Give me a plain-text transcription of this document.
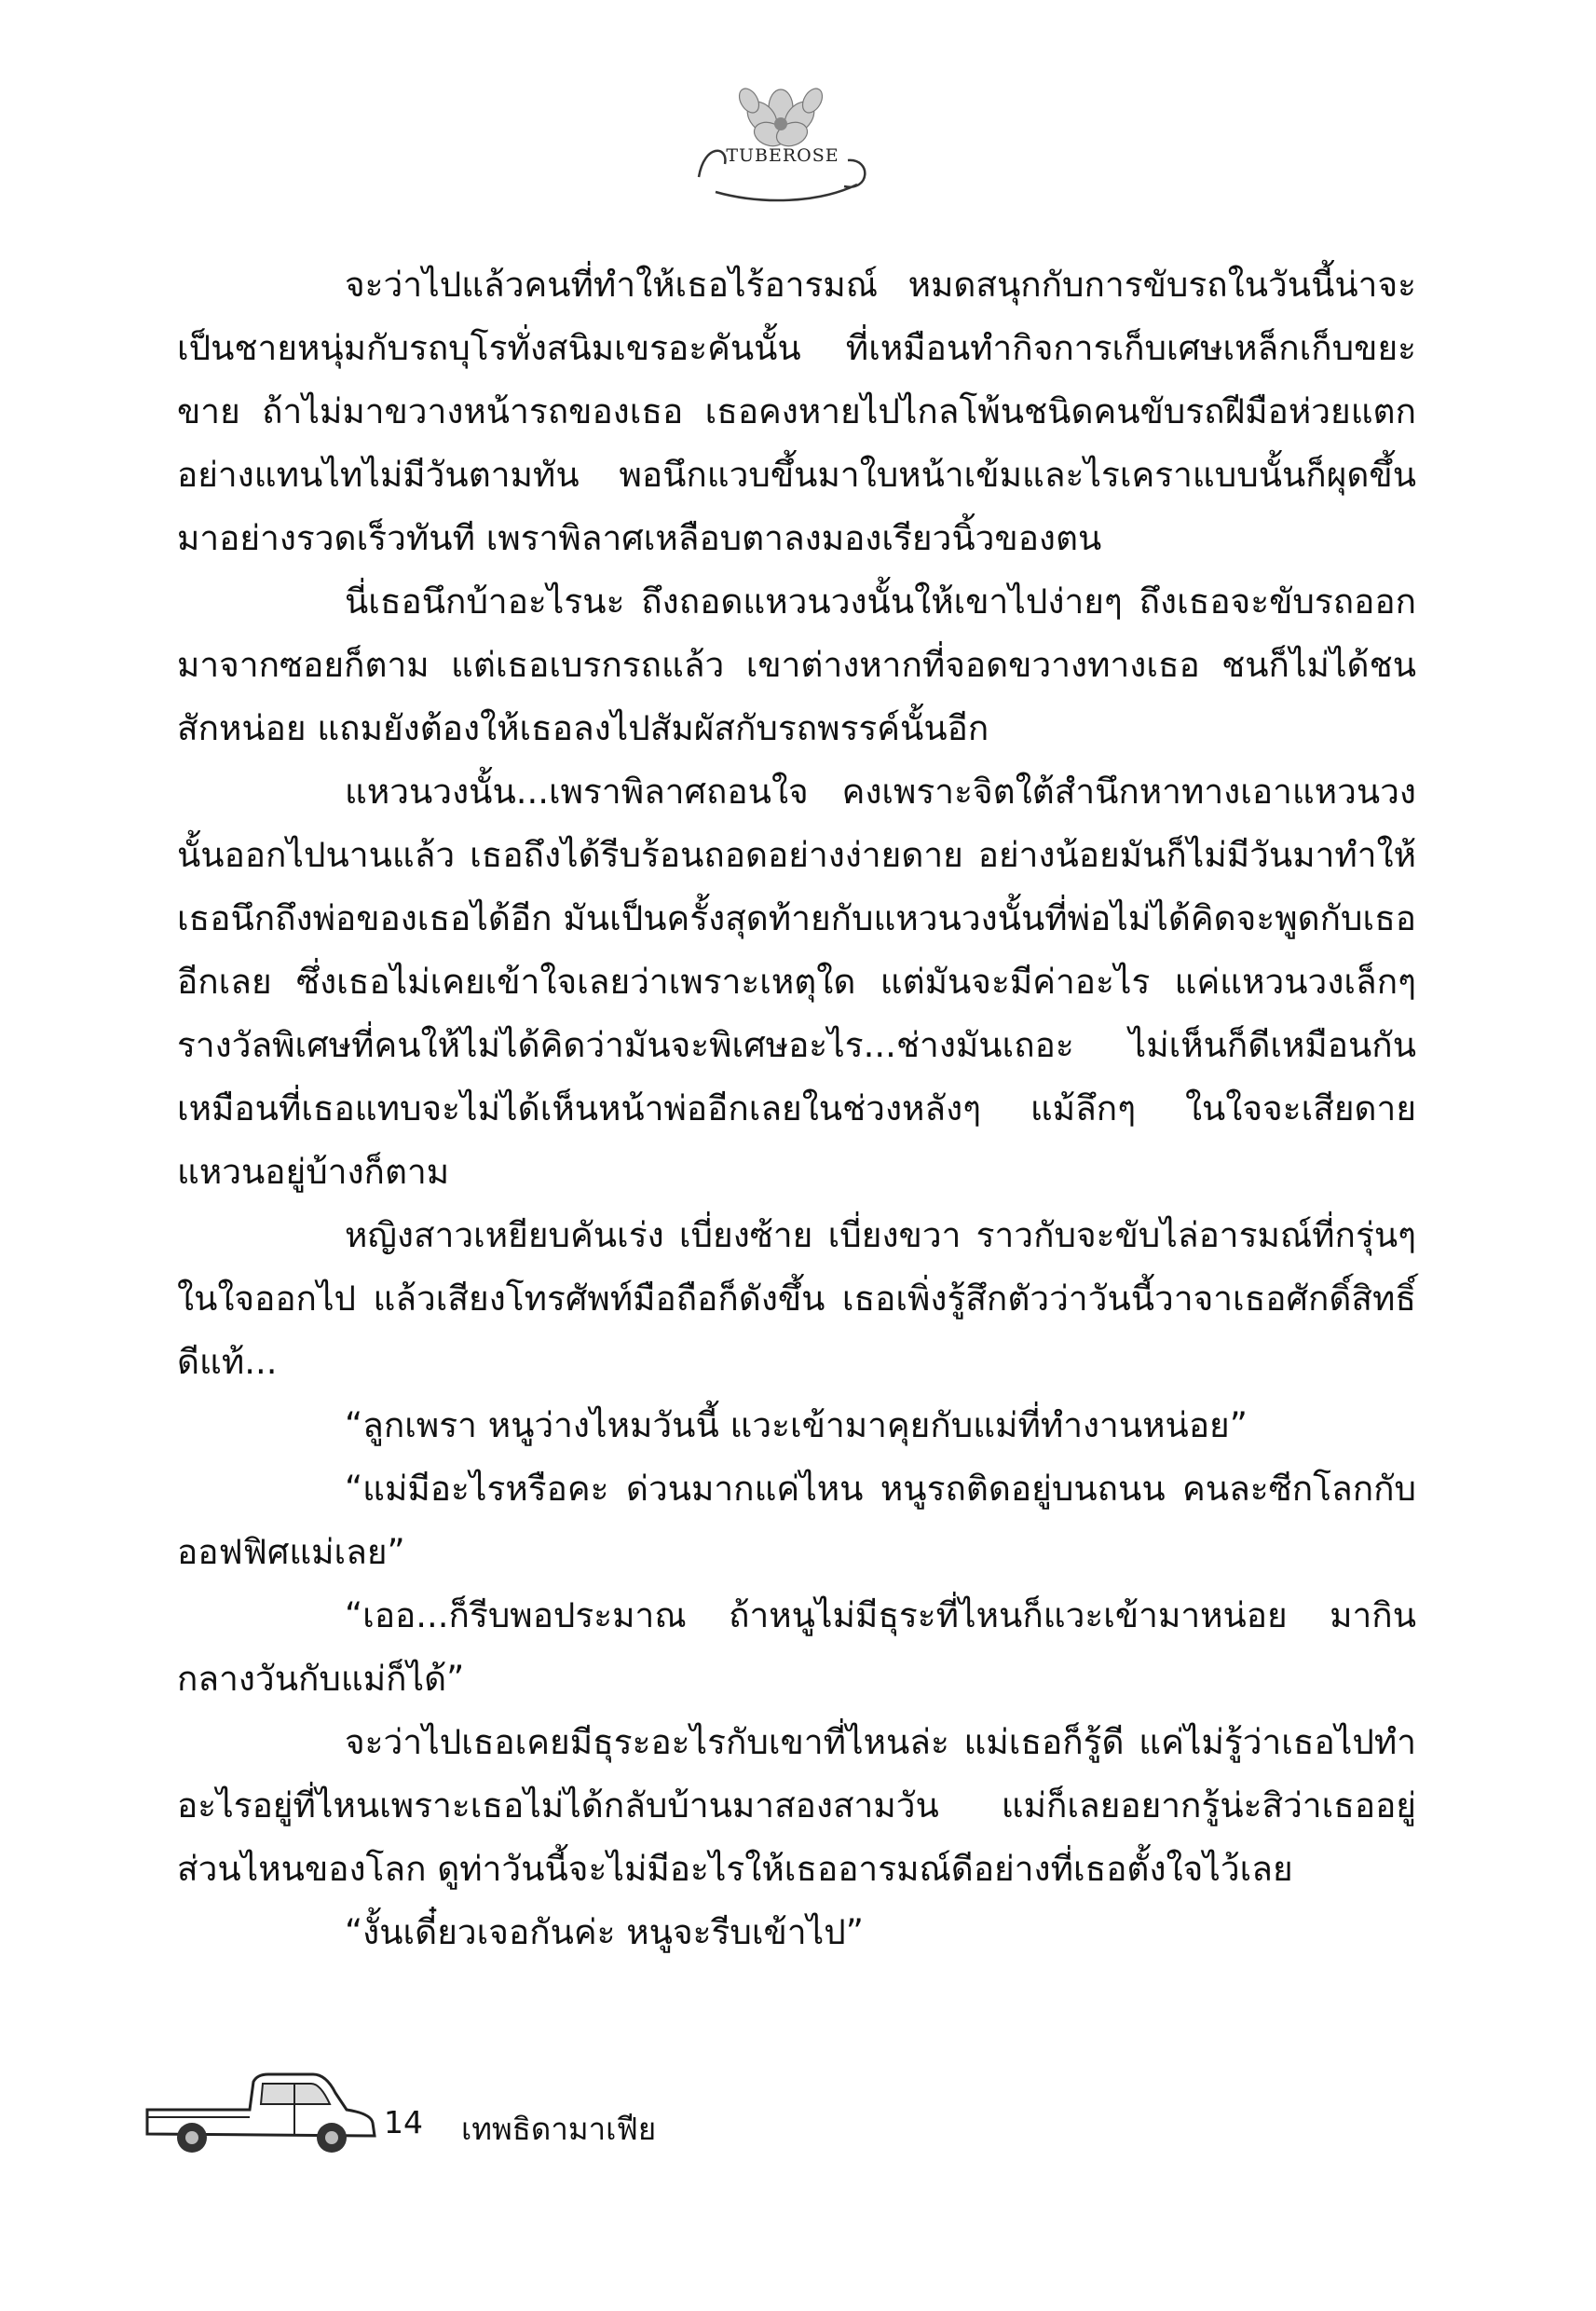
TUBEROSE

จะว่าไปแล้วคนที่ทำให้เธอไร้อารมณ์ หมดสนุกกับการขับรถในวันนี้น่าจะเป็นชายหนุ่มกับรถบุโรทั่งสนิมเขรอะคันนั้น ที่เหมือนทำกิจการเก็บเศษเหล็กเก็บขยะขาย ถ้าไม่มาขวางหน้ารถของเธอ เธอคงหายไปไกลโพ้นชนิดคนขับรถฝีมือห่วยแตกอย่างแทนไทไม่มีวันตามทัน พอนึกแวบขึ้นมาใบหน้าเข้มและไรเคราแบบนั้นก็ผุดขึ้นมาอย่างรวดเร็วทันที เพราพิลาศเหลือบตาลงมองเรียวนิ้วของตน

นี่เธอนึกบ้าอะไรนะ ถึงถอดแหวนวงนั้นให้เขาไปง่ายๆ ถึงเธอจะขับรถออกมาจากซอยก็ตาม แต่เธอเบรกรถแล้ว เขาต่างหากที่จอดขวางทางเธอ ชนก็ไม่ได้ชนสักหน่อย แถมยังต้องให้เธอลงไปสัมผัสกับรถพรรค์นั้นอีก

แหวนวงนั้น...เพราพิลาศถอนใจ คงเพราะจิตใต้สำนึกหาทางเอาแหวนวงนั้นออกไปนานแล้ว เธอถึงได้รีบร้อนถอดอย่างง่ายดาย อย่างน้อยมันก็ไม่มีวันมาทำให้เธอนึกถึงพ่อของเธอได้อีก มันเป็นครั้งสุดท้ายกับแหวนวงนั้นที่พ่อไม่ได้คิดจะพูดกับเธออีกเลย ซึ่งเธอไม่เคยเข้าใจเลยว่าเพราะเหตุใด แต่มันจะมีค่าอะไร แค่แหวนวงเล็กๆ รางวัลพิเศษที่คนให้ไม่ได้คิดว่ามันจะพิเศษอะไร...ช่างมันเถอะ ไม่เห็นก็ดีเหมือนกัน เหมือนที่เธอแทบจะไม่ได้เห็นหน้าพ่ออีกเลยในช่วงหลังๆ แม้ลึกๆ ในใจจะเสียดายแหวนอยู่บ้างก็ตาม

หญิงสาวเหยียบคันเร่ง เบี่ยงซ้าย เบี่ยงขวา ราวกับจะขับไล่อารมณ์ที่กรุ่นๆ ในใจออกไป แล้วเสียงโทรศัพท์มือถือก็ดังขึ้น เธอเพิ่งรู้สึกตัวว่าวันนี้วาจาเธอศักดิ์สิทธิ์ดีแท้...

“ลูกเพรา หนูว่างไหมวันนี้ แวะเข้ามาคุยกับแม่ที่ทำงานหน่อย”

“แม่มีอะไรหรือคะ ด่วนมากแค่ไหน หนูรถติดอยู่บนถนน คนละซีกโลกกับออฟฟิศแม่เลย”

“เออ...ก็รีบพอประมาณ ถ้าหนูไม่มีธุระที่ไหนก็แวะเข้ามาหน่อย มากินกลางวันกับแม่ก็ได้”

จะว่าไปเธอเคยมีธุระอะไรกับเขาที่ไหนล่ะ แม่เธอก็รู้ดี แค่ไม่รู้ว่าเธอไปทำอะไรอยู่ที่ไหนเพราะเธอไม่ได้กลับบ้านมาสองสามวัน แม่ก็เลยอยากรู้น่ะสิว่าเธออยู่ส่วนไหนของโลก ดูท่าวันนี้จะไม่มีอะไรให้เธออารมณ์ดีอย่างที่เธอตั้งใจไว้เลย

“งั้นเดี๋ยวเจอกันค่ะ หนูจะรีบเข้าไป”

14 เทพธิดามาเฟีย
